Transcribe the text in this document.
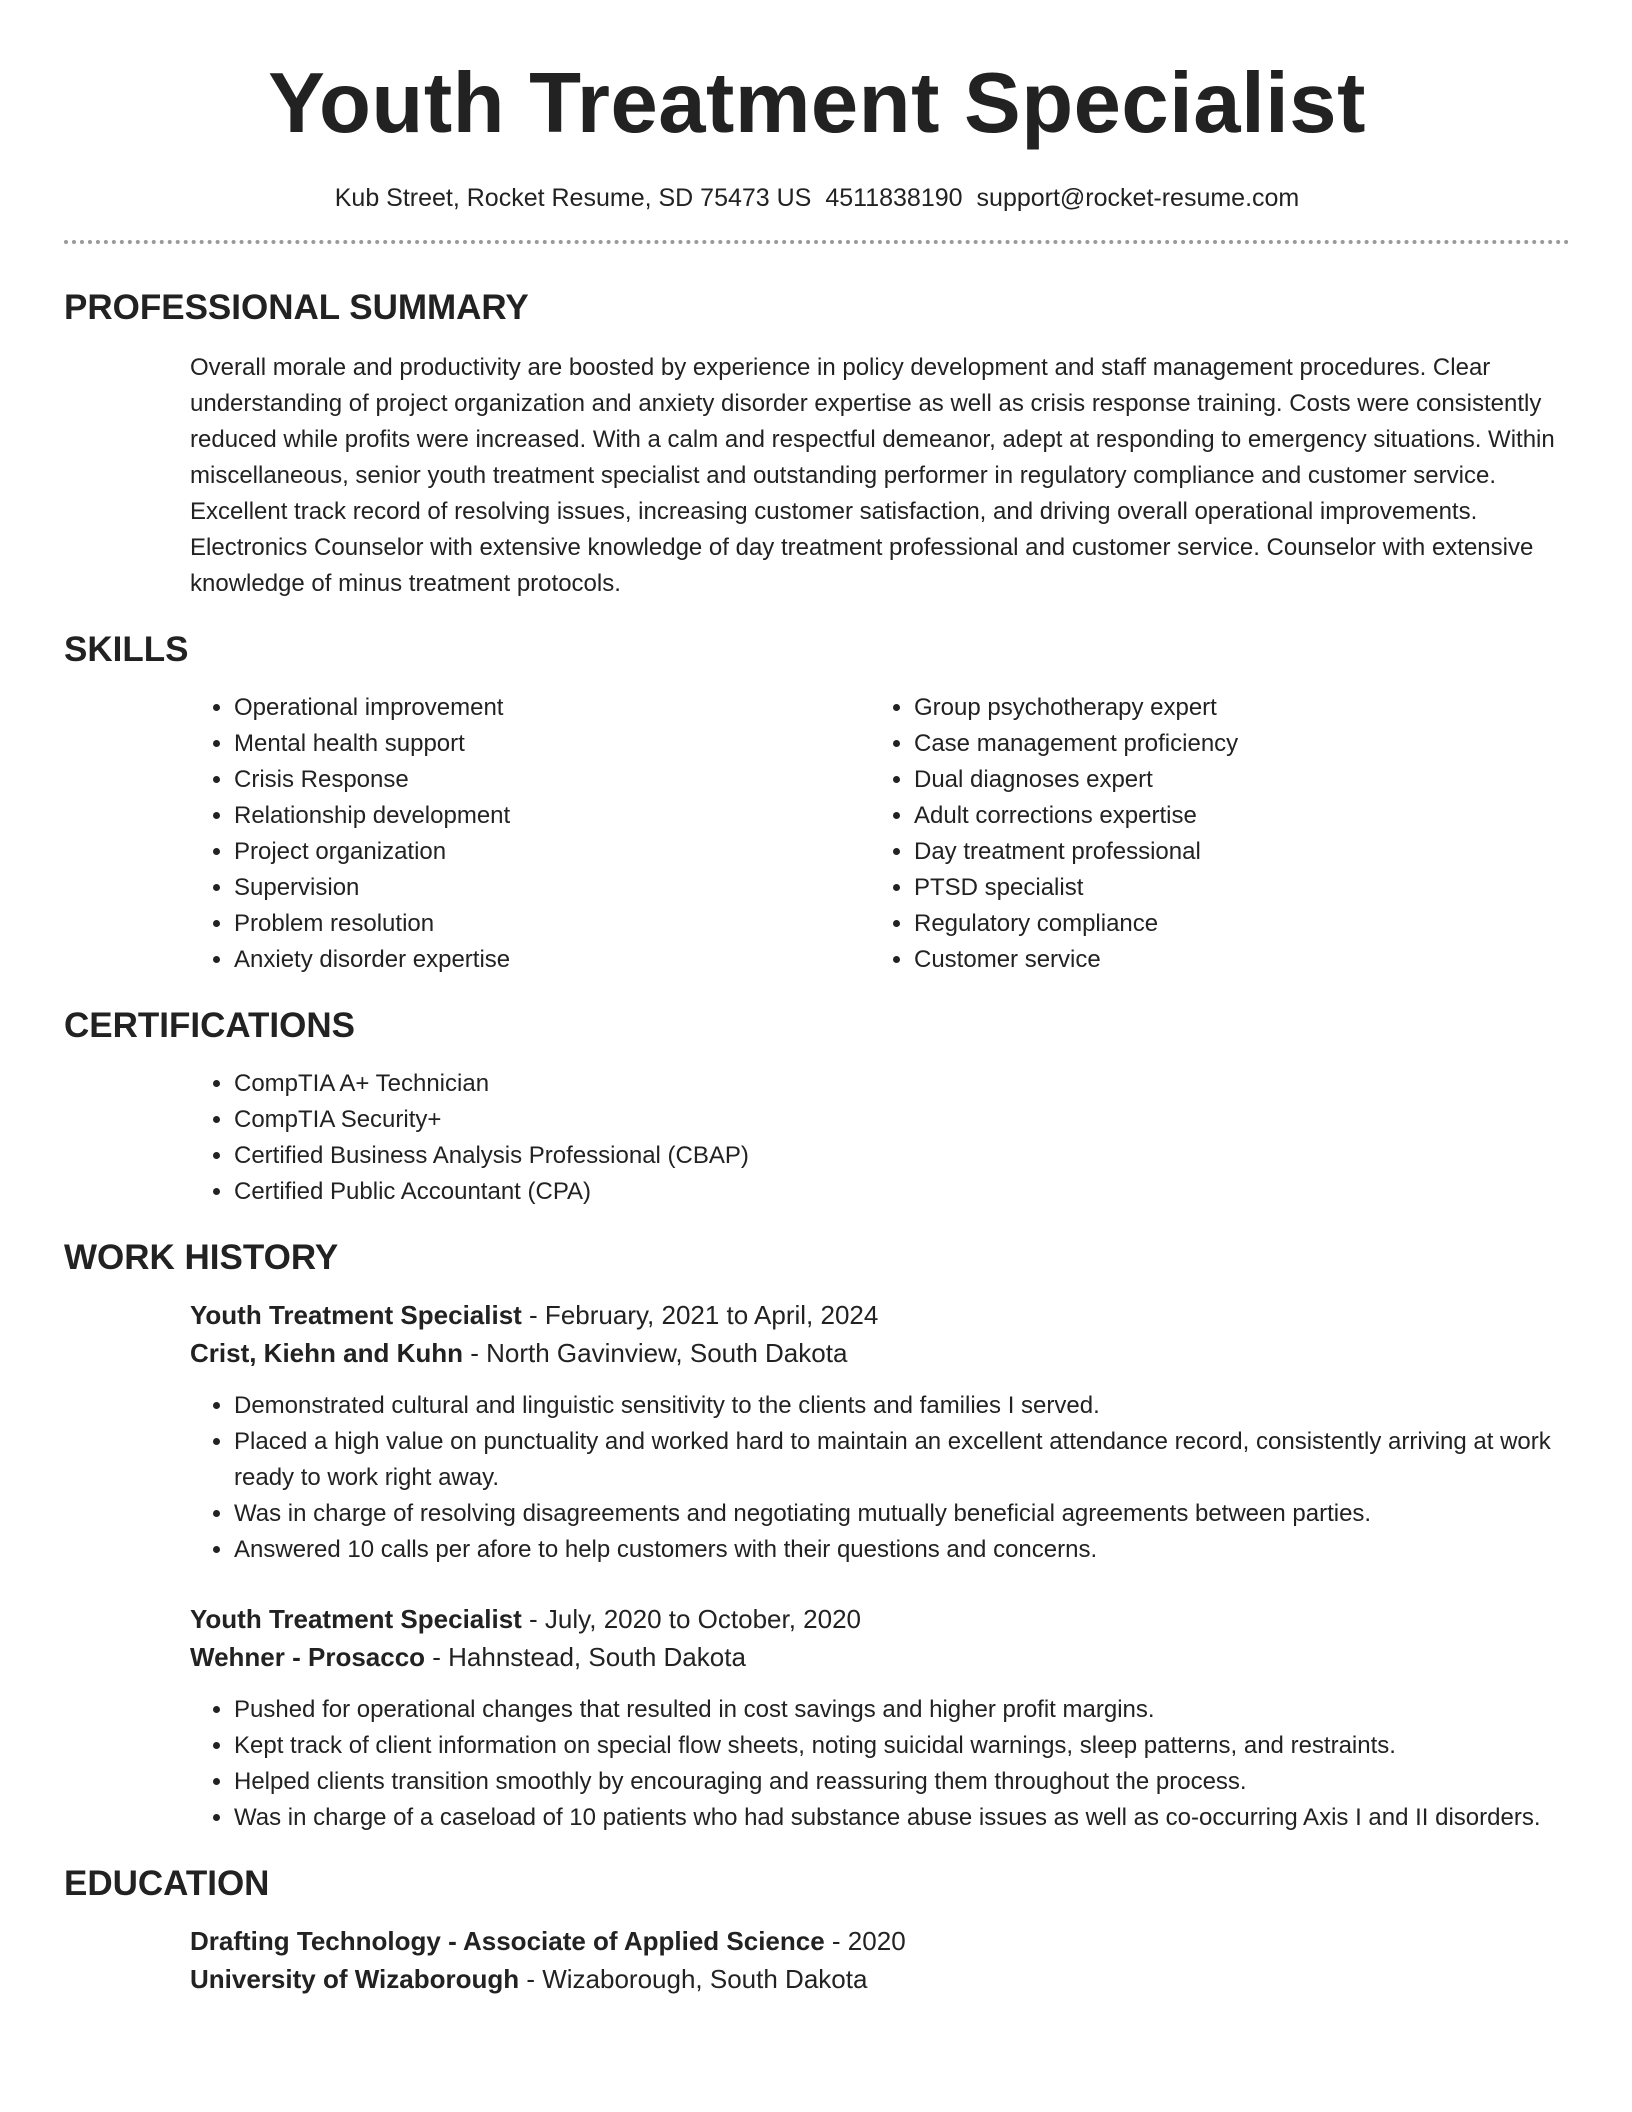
Youth Treatment Specialist
Kub Street, Rocket Resume, SD 75473 US 4511838190 support@rocket-resume.com
PROFESSIONAL SUMMARY
Overall morale and productivity are boosted by experience in policy development and staff management procedures. Clear understanding of project organization and anxiety disorder expertise as well as crisis response training. Costs were consistently reduced while profits were increased. With a calm and respectful demeanor, adept at responding to emergency situations. Within miscellaneous, senior youth treatment specialist and outstanding performer in regulatory compliance and customer service. Excellent track record of resolving issues, increasing customer satisfaction, and driving overall operational improvements. Electronics Counselor with extensive knowledge of day treatment professional and customer service. Counselor with extensive knowledge of minus treatment protocols.
SKILLS
• Operational improvement
• Mental health support
• Crisis Response
• Relationship development
• Project organization
• Supervision
• Problem resolution
• Anxiety disorder expertise
• Group psychotherapy expert
• Case management proficiency
• Dual diagnoses expert
• Adult corrections expertise
• Day treatment professional
• PTSD specialist
• Regulatory compliance
• Customer service
CERTIFICATIONS
• CompTIA A+ Technician
• CompTIA Security+
• Certified Business Analysis Professional (CBAP)
• Certified Public Accountant (CPA)
WORK HISTORY
Youth Treatment Specialist - February, 2021 to April, 2024
Crist, Kiehn and Kuhn - North Gavinview, South Dakota
• Demonstrated cultural and linguistic sensitivity to the clients and families I served.
• Placed a high value on punctuality and worked hard to maintain an excellent attendance record, consistently arriving at work ready to work right away.
• Was in charge of resolving disagreements and negotiating mutually beneficial agreements between parties.
• Answered 10 calls per afore to help customers with their questions and concerns.
Youth Treatment Specialist - July, 2020 to October, 2020
Wehner - Prosacco - Hahnstead, South Dakota
• Pushed for operational changes that resulted in cost savings and higher profit margins.
• Kept track of client information on special flow sheets, noting suicidal warnings, sleep patterns, and restraints.
• Helped clients transition smoothly by encouraging and reassuring them throughout the process.
• Was in charge of a caseload of 10 patients who had substance abuse issues as well as co-occurring Axis I and II disorders.
EDUCATION
Drafting Technology - Associate of Applied Science - 2020
University of Wizaborough - Wizaborough, South Dakota
